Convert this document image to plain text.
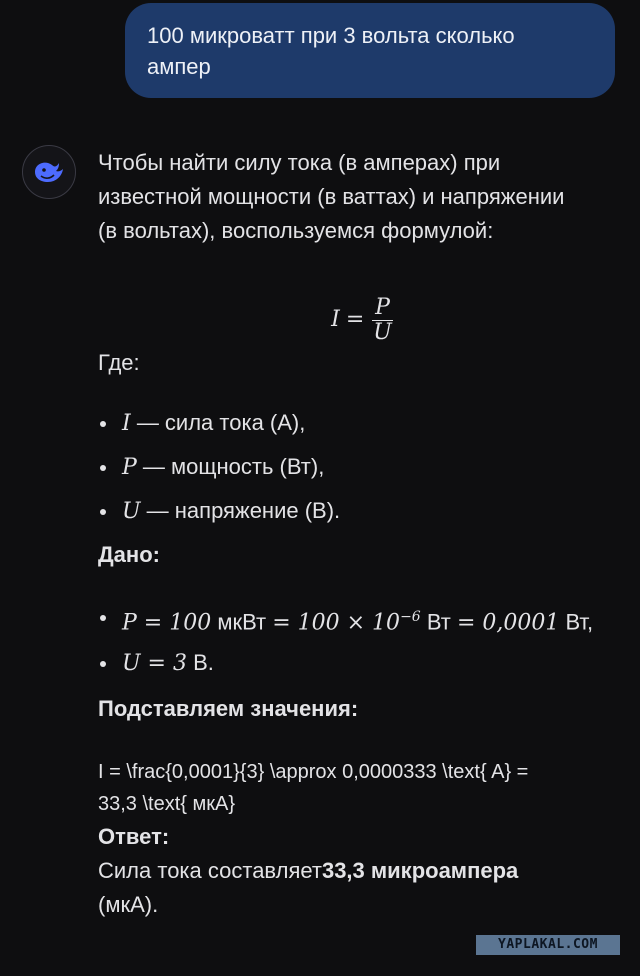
100 микроватт при 3 вольта сколько
ампер

Чтобы найти силу тока (в амперах) при

известной мощности (в ваттах) и напряжении

(в вольтах), воспользуемся формулой:

$I = \frac{P}{U}$

Где:

I — сила тока (А),
P — мощность (Вт),
U — напряжение (В).

Дано:

P = 100 мкВт = $100 \times 10^{-6}$ Вт = 0,0001 Вт,
U = 3 В.

Подставляем значения:

I = \frac{0,0001}{3} \approx 0,0000333 \text{ A} =
33,3 \text{ мкА}

Ответ:

Сила тока составляет33,3 микроампера
(мкА).
YAPLAKAL.COM
